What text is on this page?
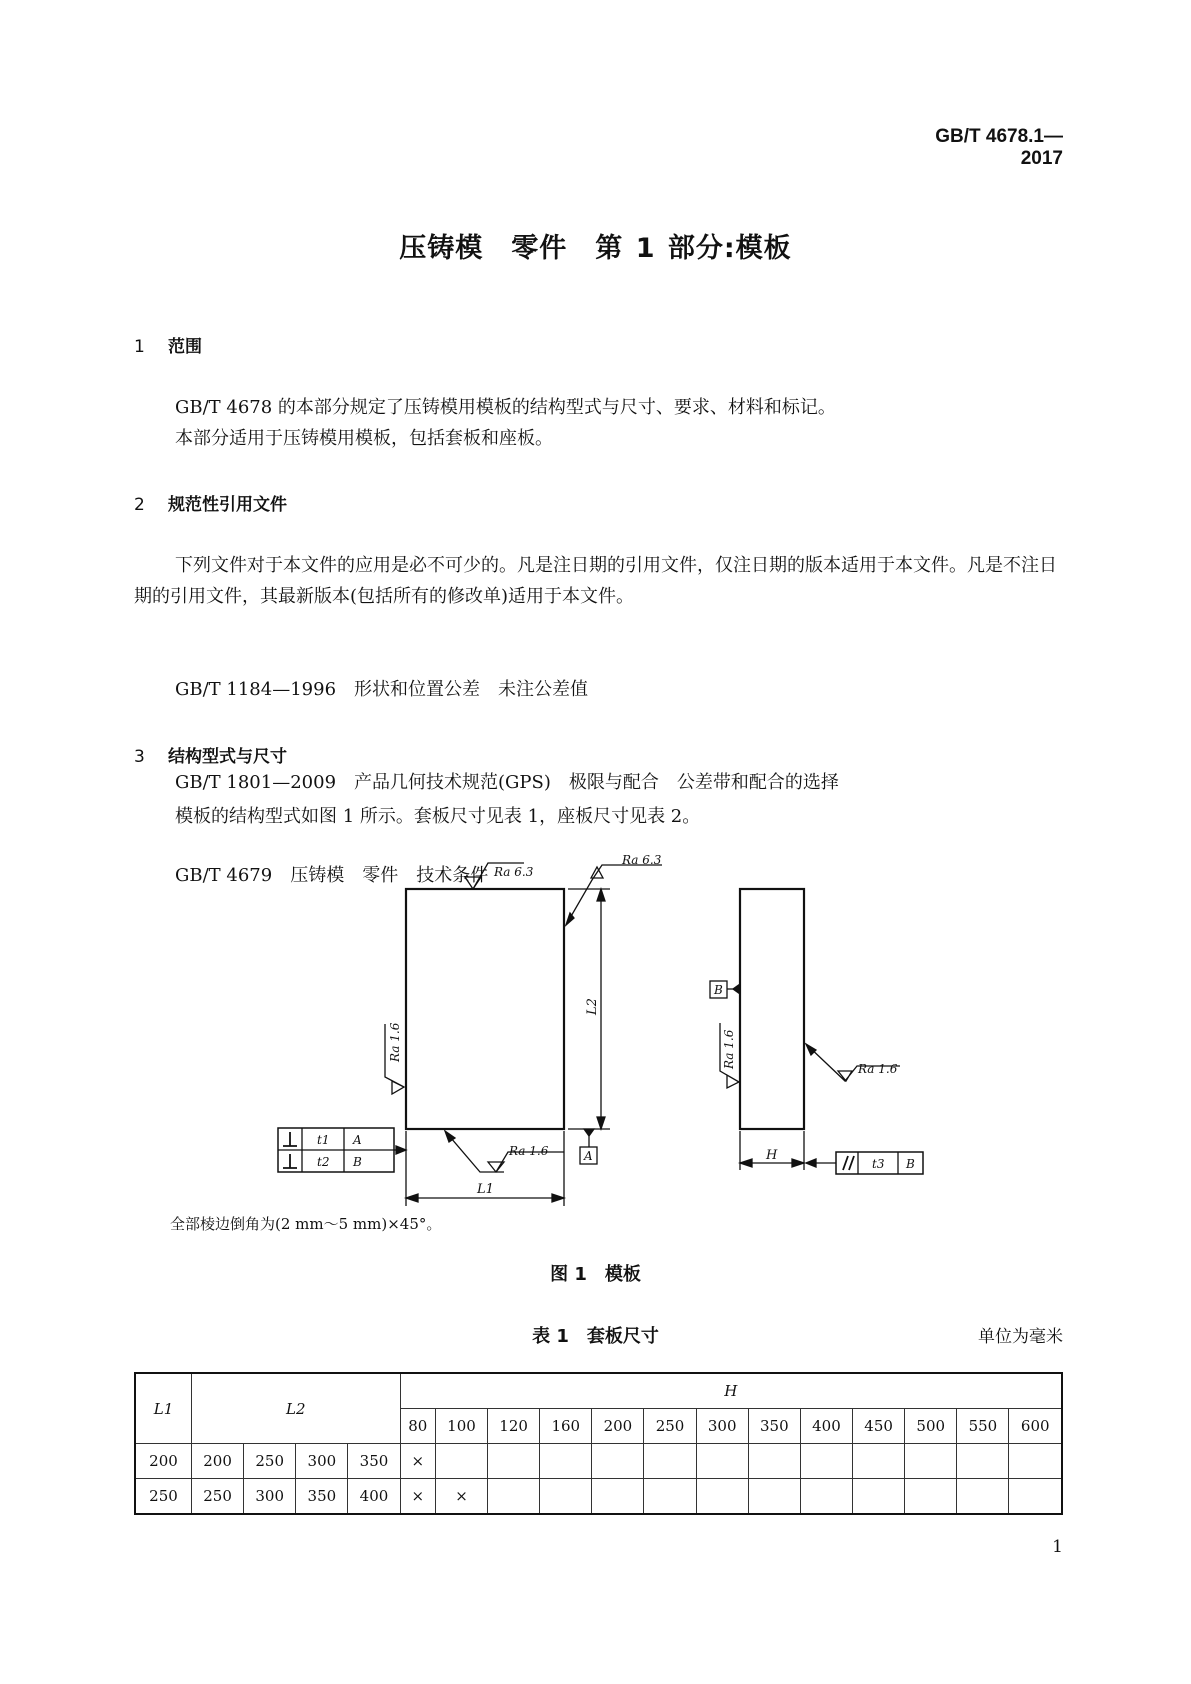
GB/T 4678.1—2017
压铸模　零件　第 1 部分:模板
1 范围
GB/T 4678 的本部分规定了压铸模用模板的结构型式与尺寸、要求、材料和标记。
本部分适用于压铸模用模板，包括套板和座板。
2 规范性引用文件
下列文件对于本文件的应用是必不可少的。凡是注日期的引用文件，仅注日期的版本适用于本文件。凡是不注日期的引用文件，其最新版本(包括所有的修改单)适用于本文件。

GB/T 1184—1996　形状和位置公差　未注公差值

GB/T 1801—2009　产品几何技术规范(GPS)　极限与配合　公差带和配合的选择

GB/T 4679　压铸模　零件　技术条件

3 结构型式与尺寸
模板的结构型式如图 1 所示。套板尺寸见表 1，座板尺寸见表 2。
Ra 6.3
Ra 6.3
Ra 1.6
Ra 1.6
Ra 1.6	Ra 1.6
L2
L1
H
A
B
t1
t2	t3
A
B	B
全部棱边倒角为(2 mm～5 mm)×45°。
图 1　模板
表 1　套板尺寸	单位为毫米
L1	L2				H												
					80	100	120	160	200	250	300	350	400	450	500	550	600
200	200	250	300	350	×												
250	250	300	350	400	×	×											
1
